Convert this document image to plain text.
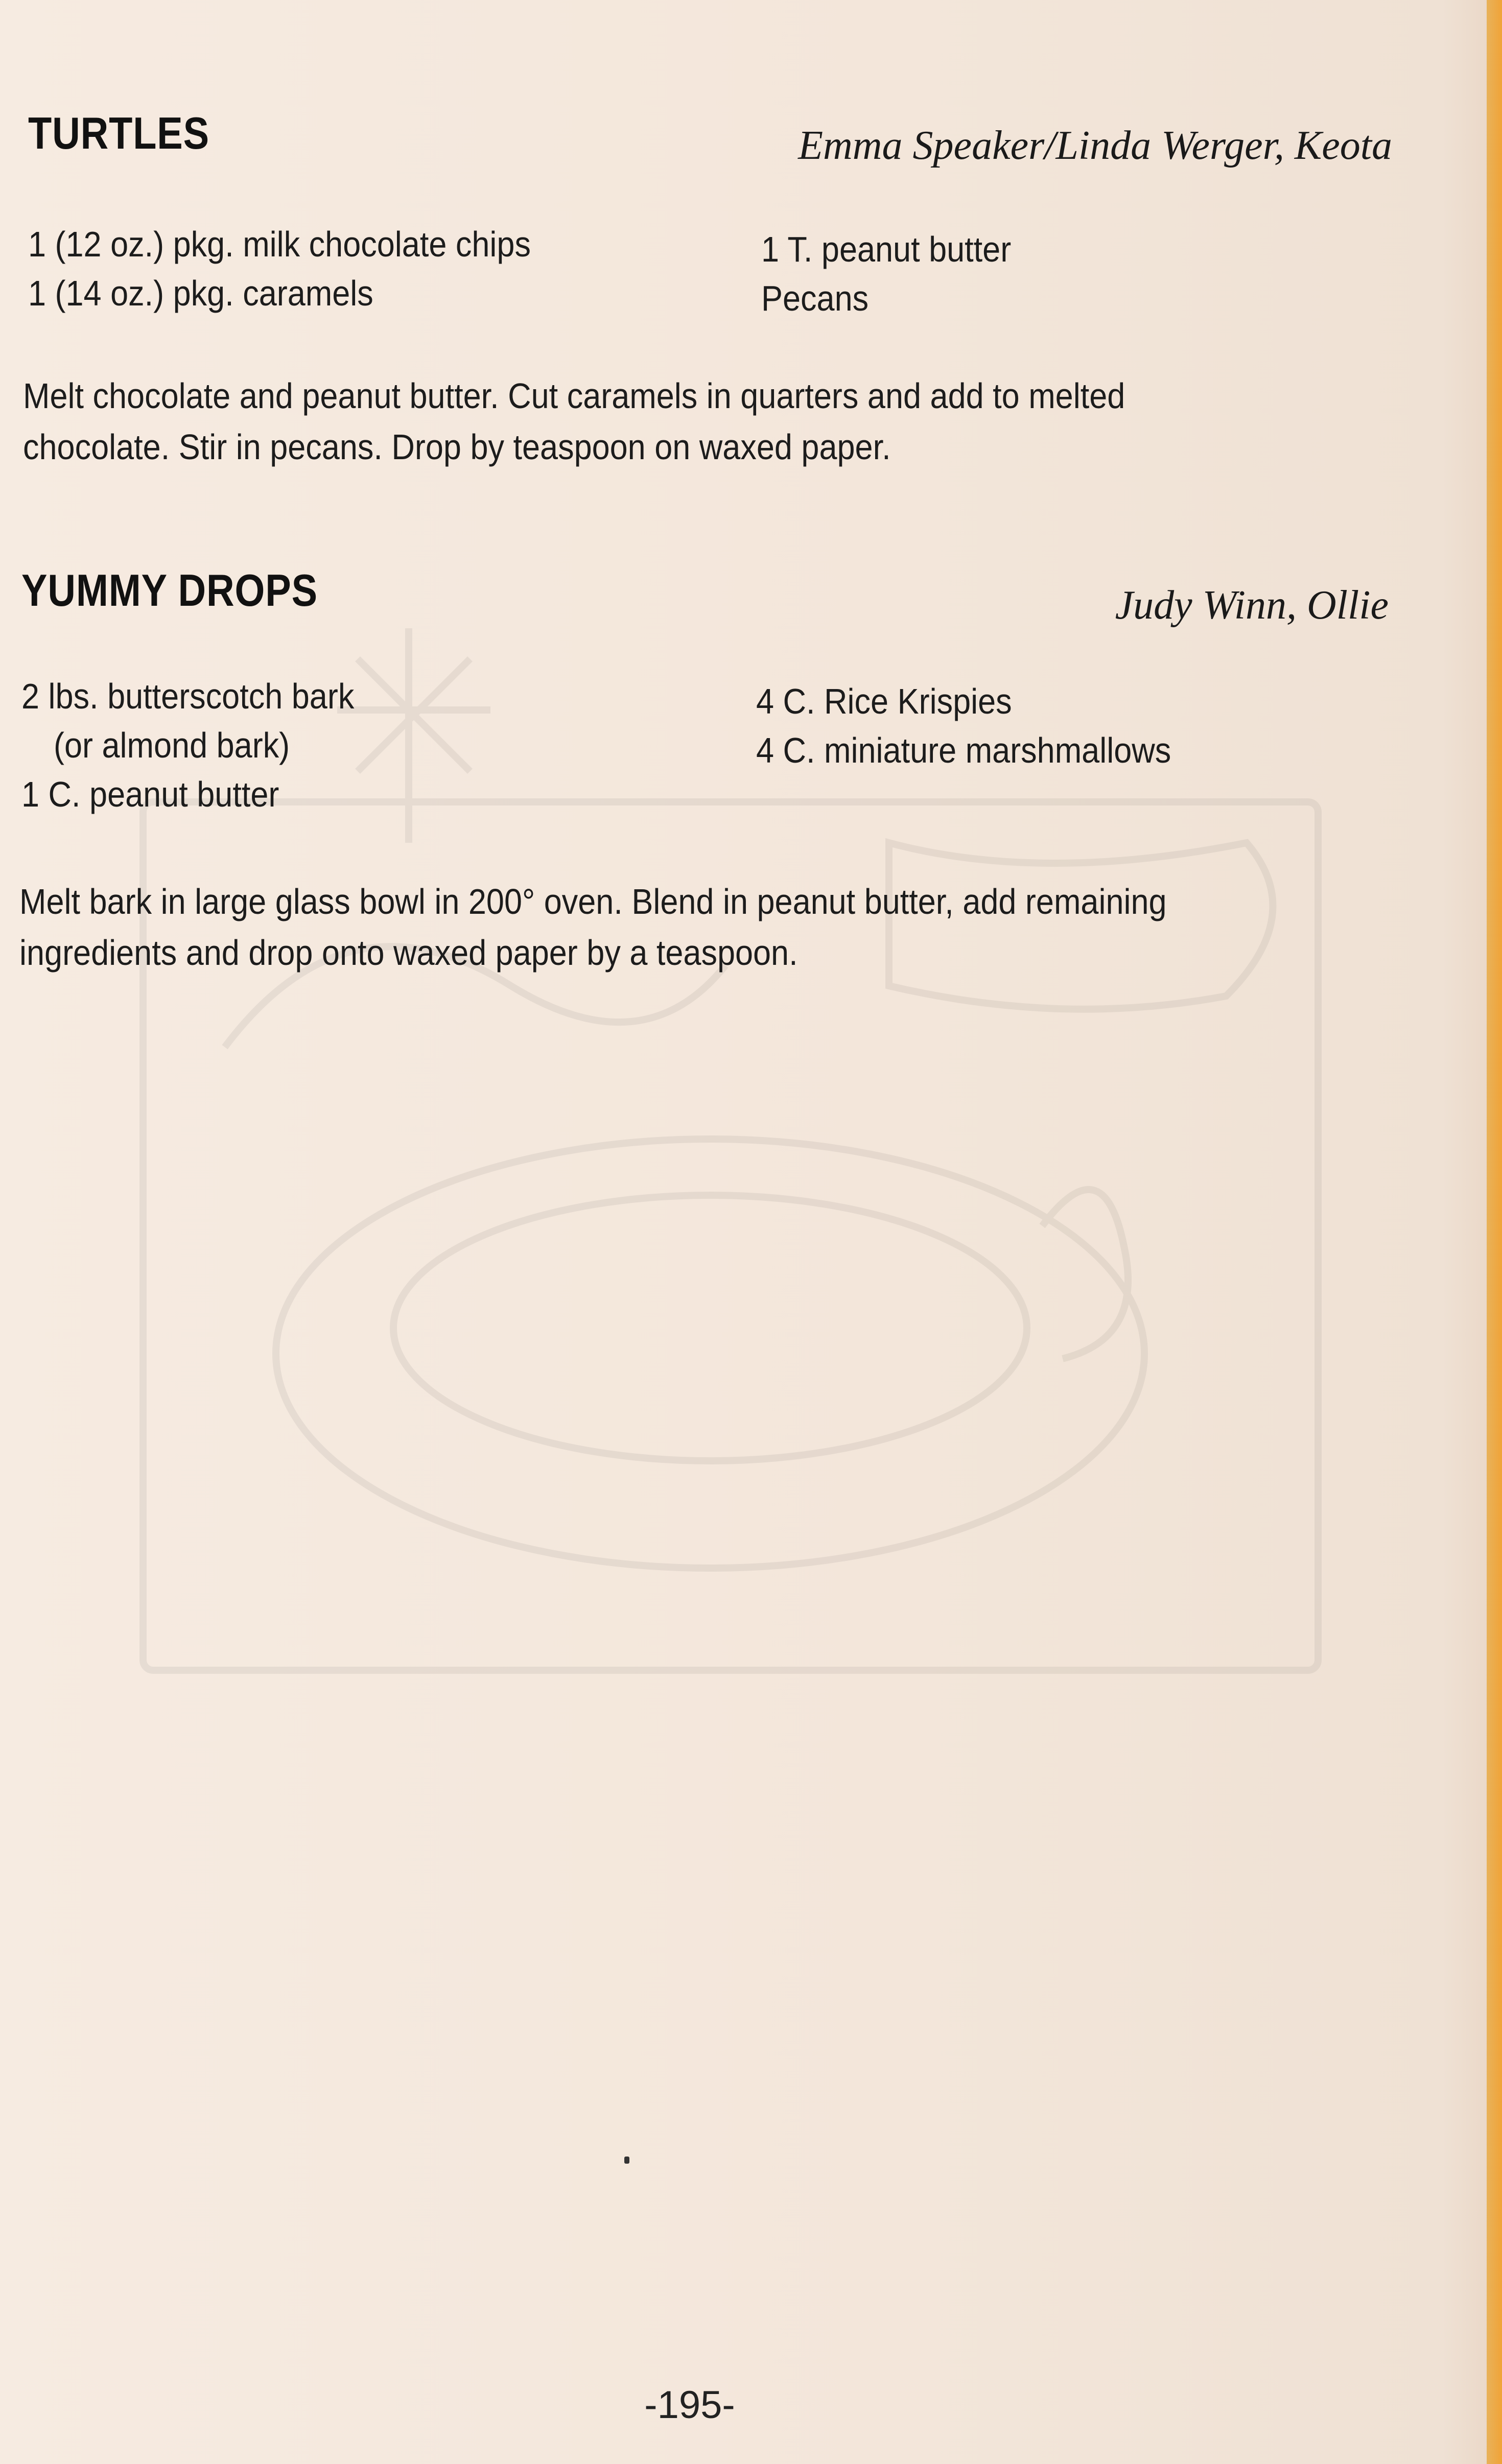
TURTLES	Emma Speaker/Linda Werger, Keota
1 (12 oz.) pkg. milk chocolate chips
1 (14 oz.) pkg. caramels
1 T. peanut butter
Pecans
Melt chocolate and peanut butter. Cut caramels in quarters and add to melted
chocolate. Stir in pecans. Drop by teaspoon on waxed paper.
YUMMY DROPS	Judy Winn, Ollie
2 lbs. butterscotch bark
(or almond bark)
1 C. peanut butter
4 C. Rice Krispies
4 C. miniature marshmallows
Melt bark in large glass bowl in 200° oven. Blend in peanut butter, add remaining
ingredients and drop onto waxed paper by a teaspoon.
-195-
